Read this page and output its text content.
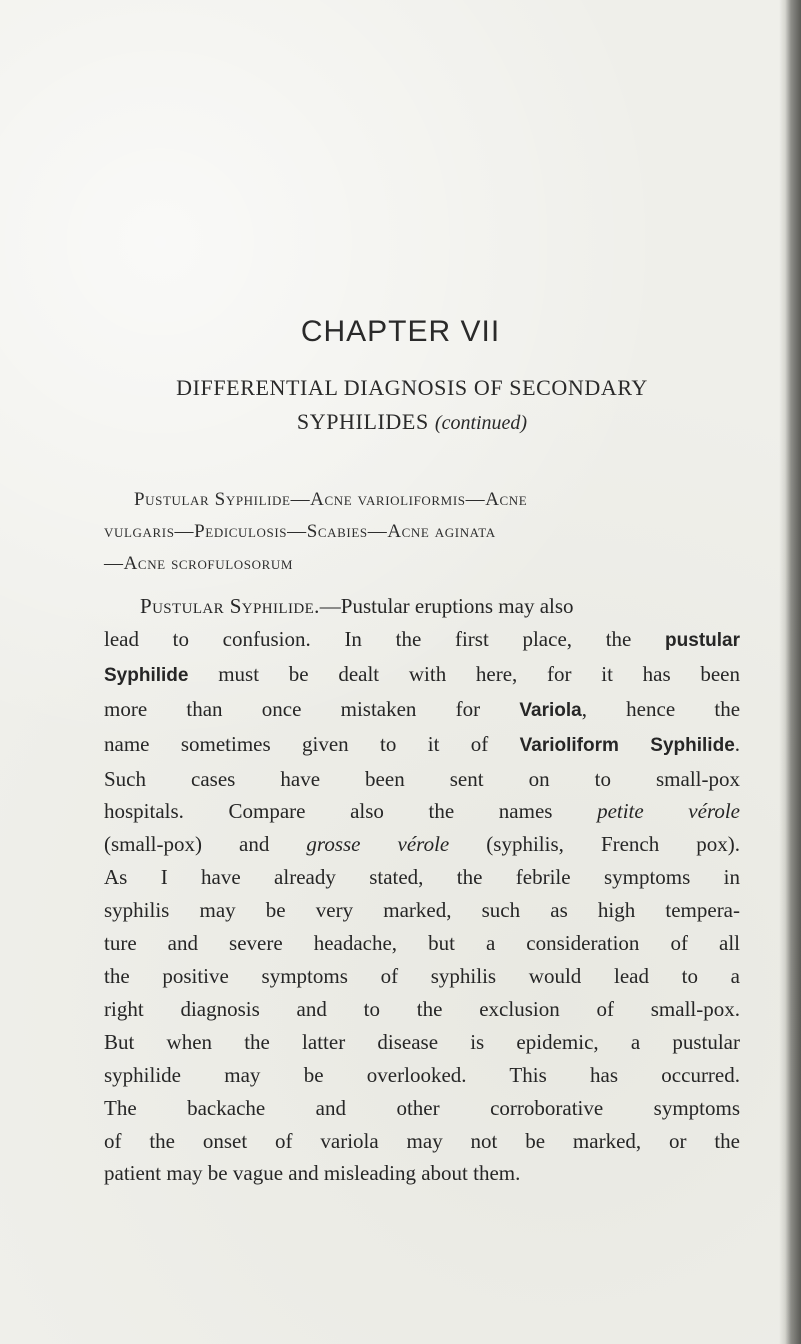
CHAPTER VII
DIFFERENTIAL DIAGNOSIS OF SECONDARY
SYPHILIDES (continued)
Pustular Syphilide—Acne varioliformis—Acne
vulgaris—Pediculosis—Scabies—Acne aginata
—Acne scrofulosorum
Pustular Syphilide.—Pustular eruptions may also
lead to confusion. In the first place, the pustular
Syphilide must be dealt with here, for it has been
more than once mistaken for Variola, hence the
name sometimes given to it of Varioliform Syphilide.
Such cases have been sent on to small-pox
hospitals. Compare also the names petite vérole
(small-pox) and grosse vérole (syphilis, French pox).
As I have already stated, the febrile symptoms in
syphilis may be very marked, such as high tempera-
ture and severe headache, but a consideration of all
the positive symptoms of syphilis would lead to a
right diagnosis and to the exclusion of small-pox.
But when the latter disease is epidemic, a pustular
syphilide may be overlooked. This has occurred.
The backache and other corroborative symptoms
of the onset of variola may not be marked, or the
patient may be vague and misleading about them.
